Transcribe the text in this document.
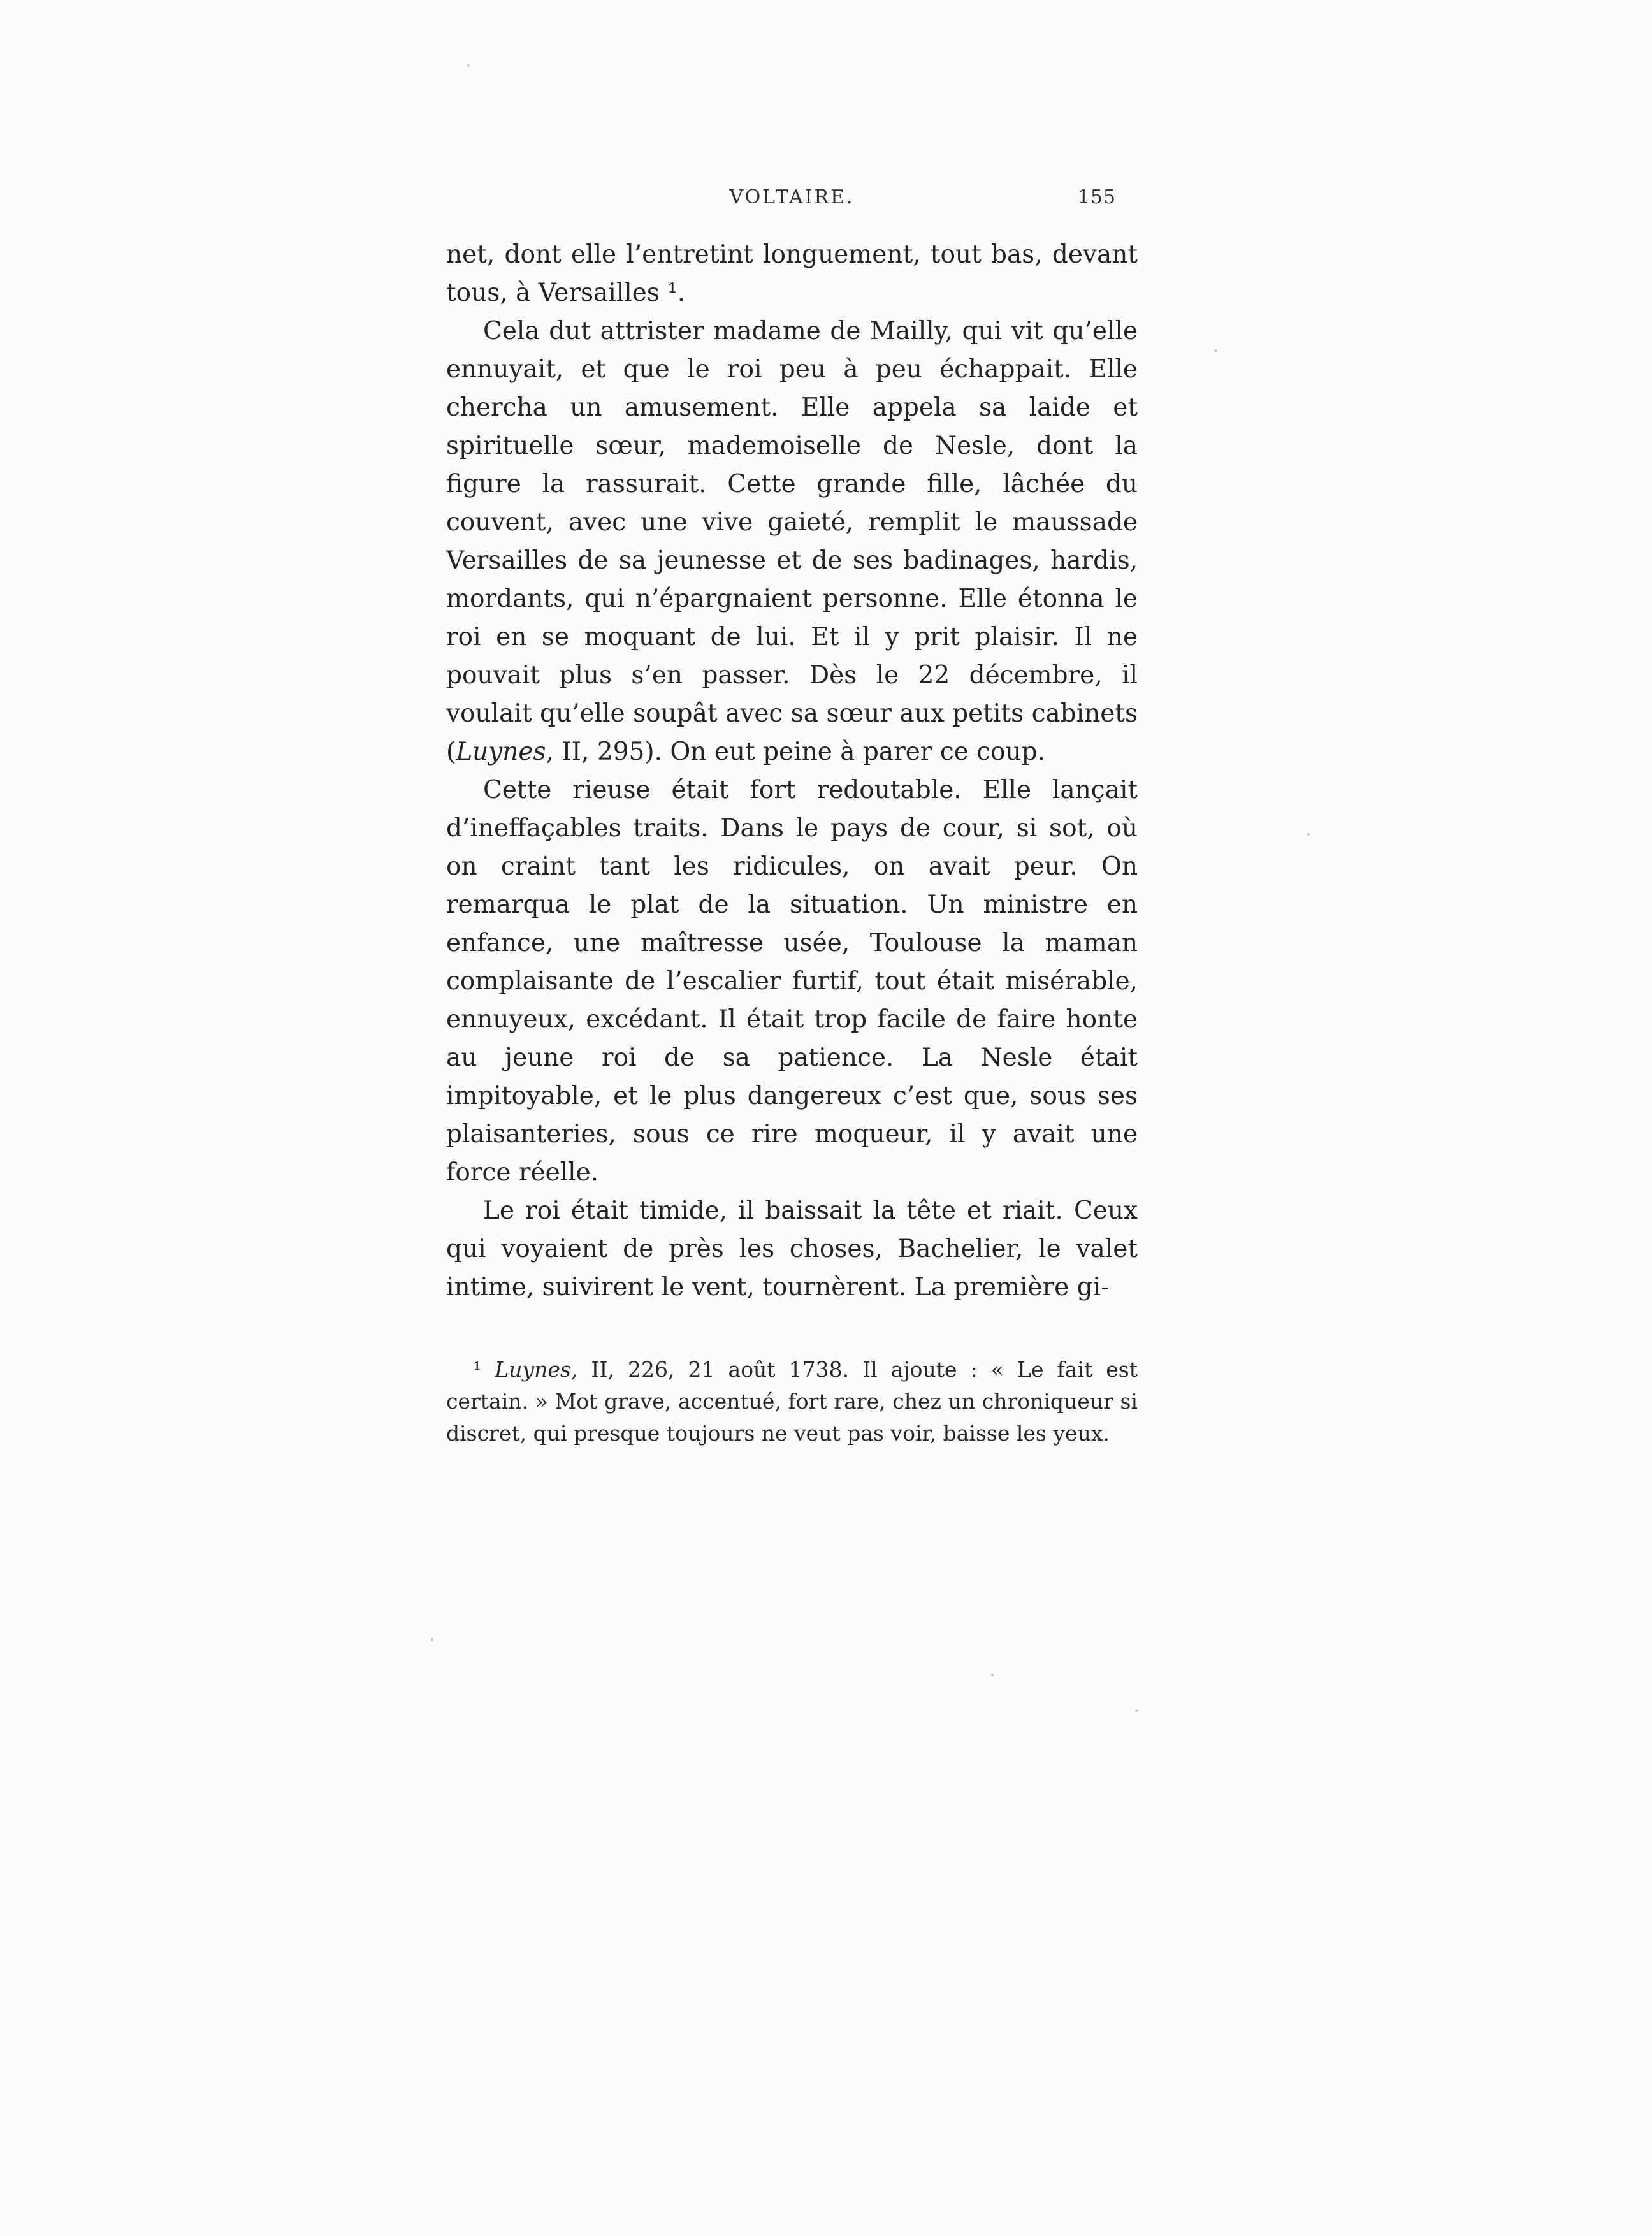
VOLTAIRE.	155

net, dont elle l’entretint longuement, tout bas, devant tous, à Versailles ¹.

Cela dut attrister madame de Mailly, qui vit qu’elle ennuyait, et que le roi peu à peu échappait. Elle chercha un amusement. Elle appela sa laide et spirituelle sœur, mademoiselle de Nesle, dont la figure la rassurait. Cette grande fille, lâchée du couvent, avec une vive gaieté, remplit le maussade Versailles de sa jeunesse et de ses badinages, hardis, mordants, qui n’épargnaient personne. Elle étonna le roi en se moquant de lui. Et il y prit plaisir. Il ne pouvait plus s’en passer. Dès le 22 décembre, il voulait qu’elle soupât avec sa sœur aux petits cabinets (Luynes, II, 295). On eut peine à parer ce coup.

Cette rieuse était fort redoutable. Elle lançait d’ineffaçables traits. Dans le pays de cour, si sot, où on craint tant les ridicules, on avait peur. On remarqua le plat de la situation. Un ministre en enfance, une maîtresse usée, Toulouse la maman complaisante de l’escalier furtif, tout était misérable, ennuyeux, excédant. Il était trop facile de faire honte au jeune roi de sa patience. La Nesle était impitoyable, et le plus dangereux c’est que, sous ses plaisanteries, sous ce rire moqueur, il y avait une force réelle.

Le roi était timide, il baissait la tête et riait. Ceux qui voyaient de près les choses, Bachelier, le valet intime, suivirent le vent, tournèrent. La première gi-

¹ Luynes, II, 226, 21 août 1738. Il ajoute : « Le fait est certain. » Mot grave, accentué, fort rare, chez un chroniqueur si discret, qui presque toujours ne veut pas voir, baisse les yeux.
